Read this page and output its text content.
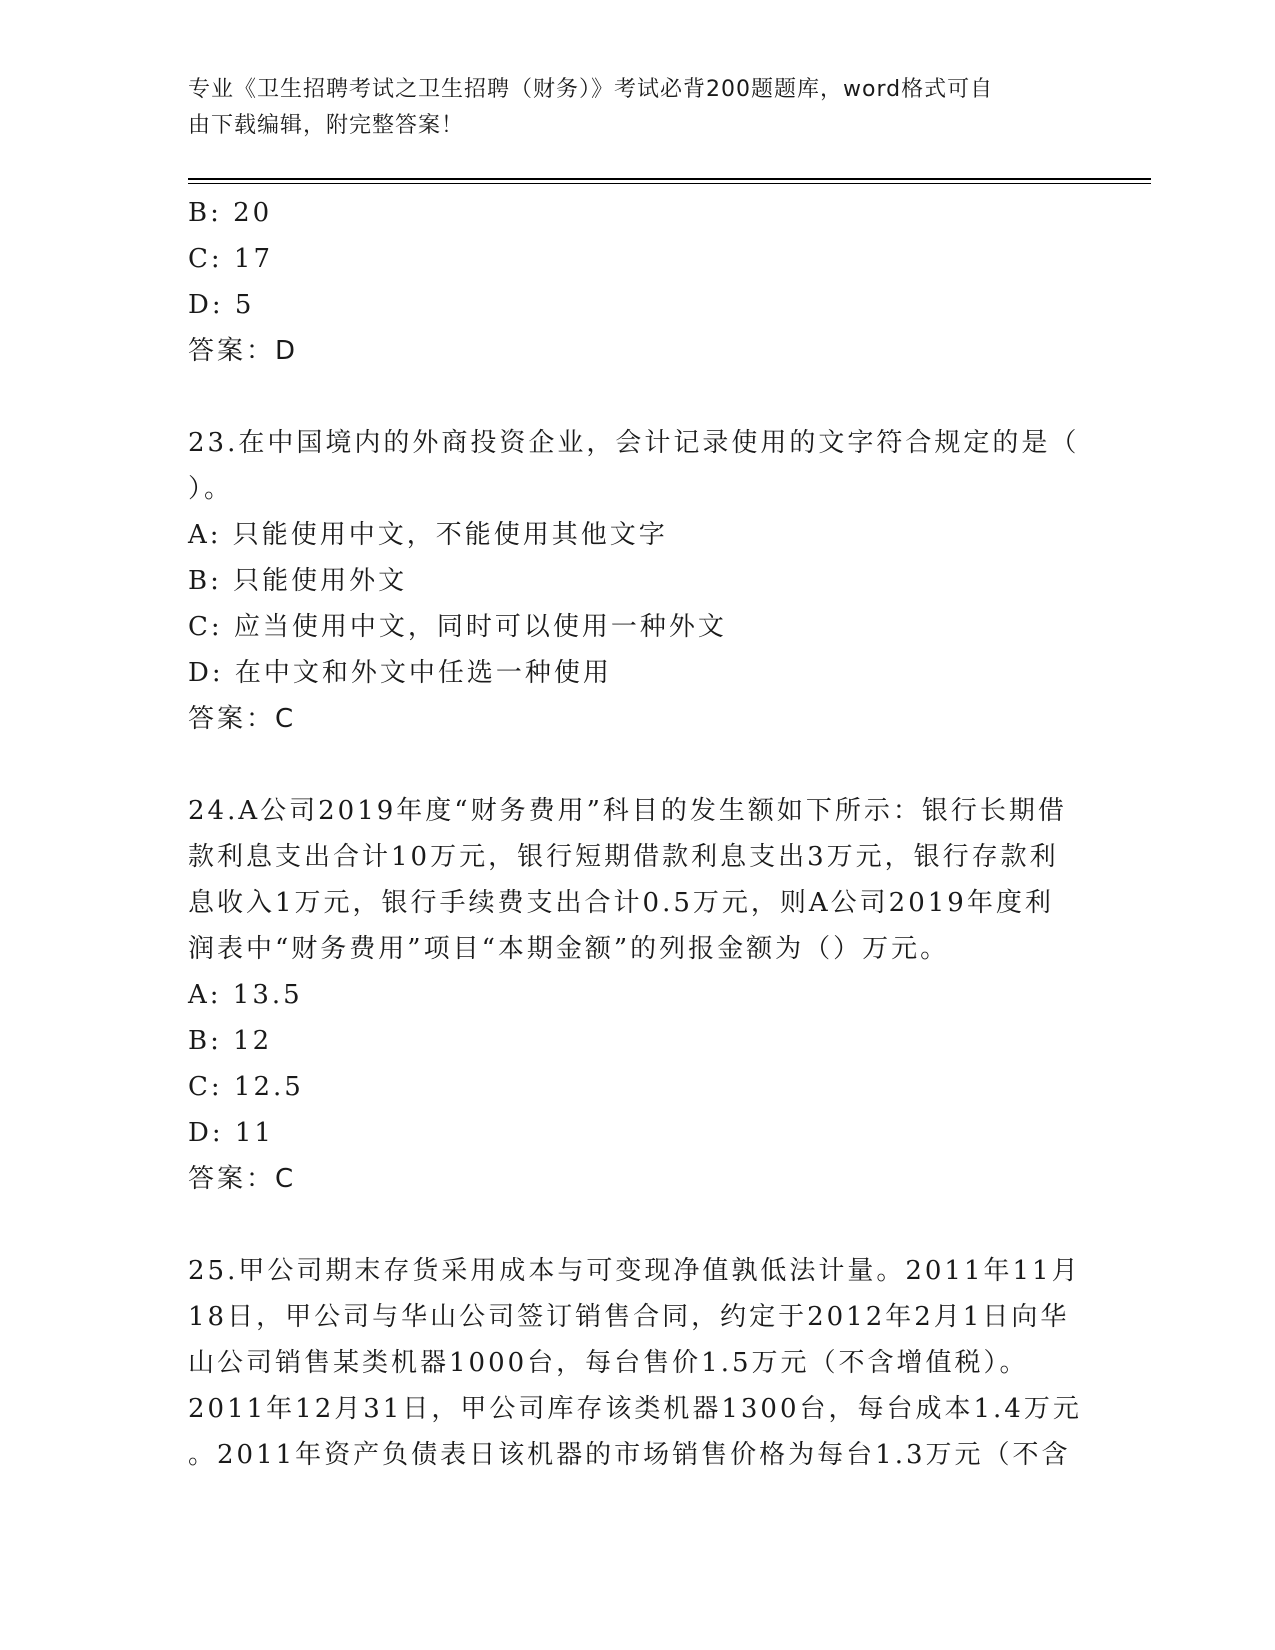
专业《卫生招聘考试之卫生招聘（财务）》考试必背200题题库，word格式可自
由下载编辑，附完整答案！
B: 20
C: 17
D: 5
答案：D
23.在中国境内的外商投资企业，会计记录使用的文字符合规定的是（
）。
A: 只能使用中文，不能使用其他文字
B: 只能使用外文
C: 应当使用中文，同时可以使用一种外文
D: 在中文和外文中任选一种使用
答案：C
24.A公司2019年度“财务费用”科目的发生额如下所示：银行长期借
款利息支出合计10万元，银行短期借款利息支出3万元，银行存款利
息收入1万元，银行手续费支出合计0.5万元，则A公司2019年度利
润表中“财务费用”项目“本期金额”的列报金额为（）万元。
A: 13.5
B: 12
C: 12.5
D: 11
答案：C
25.甲公司期末存货采用成本与可变现净值孰低法计量。2011年11月
18日，甲公司与华山公司签订销售合同，约定于2012年2月1日向华
山公司销售某类机器1000台，每台售价1.5万元（不含增值税）。
2011年12月31日，甲公司库存该类机器1300台，每台成本1.4万元
。2011年资产负债表日该机器的市场销售价格为每台1.3万元（不含
